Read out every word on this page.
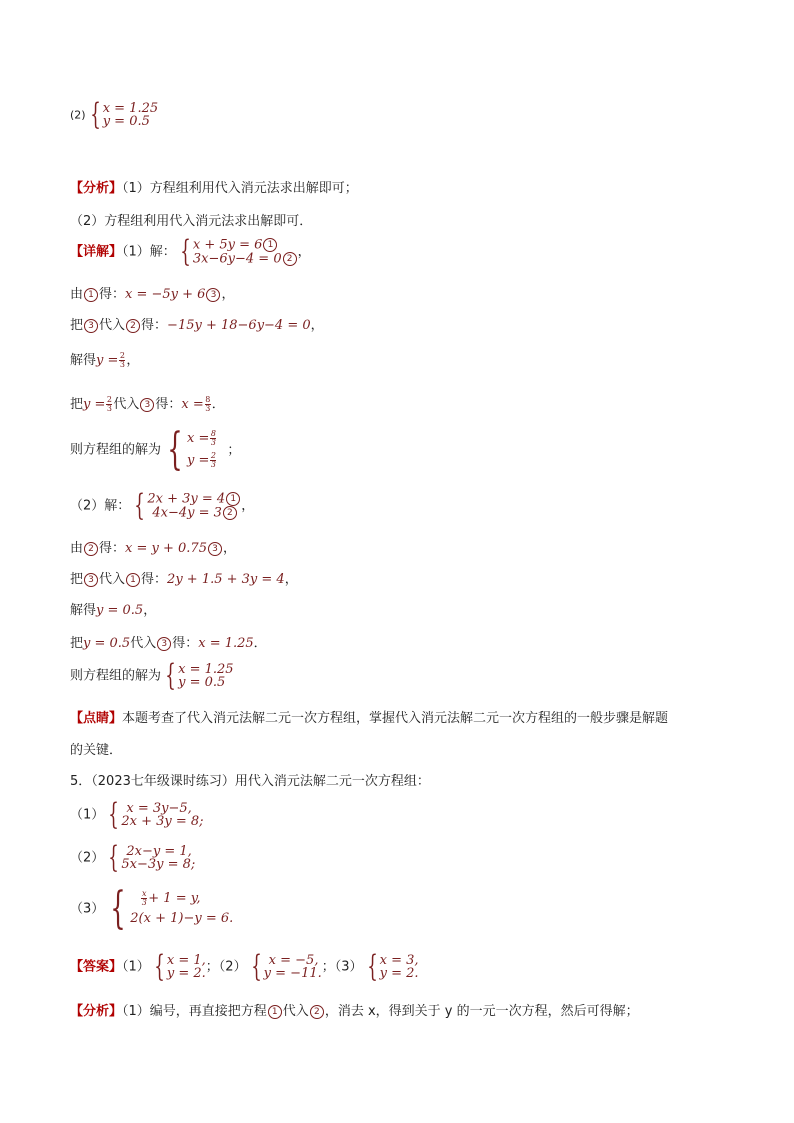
(2) { x = 1.25
y = 0.5
【分析】（1）方程组利用代入消元法求出解即可；
（2）方程组利用代入消元法求出解即可．
【详解】（1）解： { x + 5y = 6 1
3x−6y−4 = 0 2 ，
由 1 得：x = −5y + 6 3 ，
把 3 代入 2 得：−15y + 18−6y−4 = 0，
解得$y = \frac{2}{3}$ ，
把$y = \frac{2}{3}$ 代入 3 得：$x = \frac{8}{3}$ ．
则方程组的解为 { $x = \frac{8}{3}$
$y = \frac{2}{3}$
；
（2）解： { 2x + 3y = 4 1
4x−4y = 3 2 ，
由 2 得：x = y + 0.75 3 ，
把 3 代入 1 得：2y + 1.5 + 3y = 4，
解得y = 0.5，
把y = 0.5代入 3 得：x = 1.25．
则方程组的解为 { x = 1.25
y = 0.5
【点睛】本题考查了代入消元法解二元一次方程组，掌握代入消元法解二元一次方程组的一般步骤是解题
的关键．
5．（2023七年级课时练习）用代入消元法解二元一次方程组：
（1） { x = 3y−5,
2x + 3y = 8;
（2） { 2x−y = 1,
5x−3y = 8;
（3） { $\frac{x}{3} + 1 = y$,
2(x + 1)−y = 6.
【答案】（1） { x = 1,
y = 2. ；（2） { x = −5,
y = −11. ；（3） { x = 3,
y = 2.
【分析】（1）编号，再直接把方程 1 代入 2 ，消去 x，得到关于 y 的一元一次方程，然后可得解；
